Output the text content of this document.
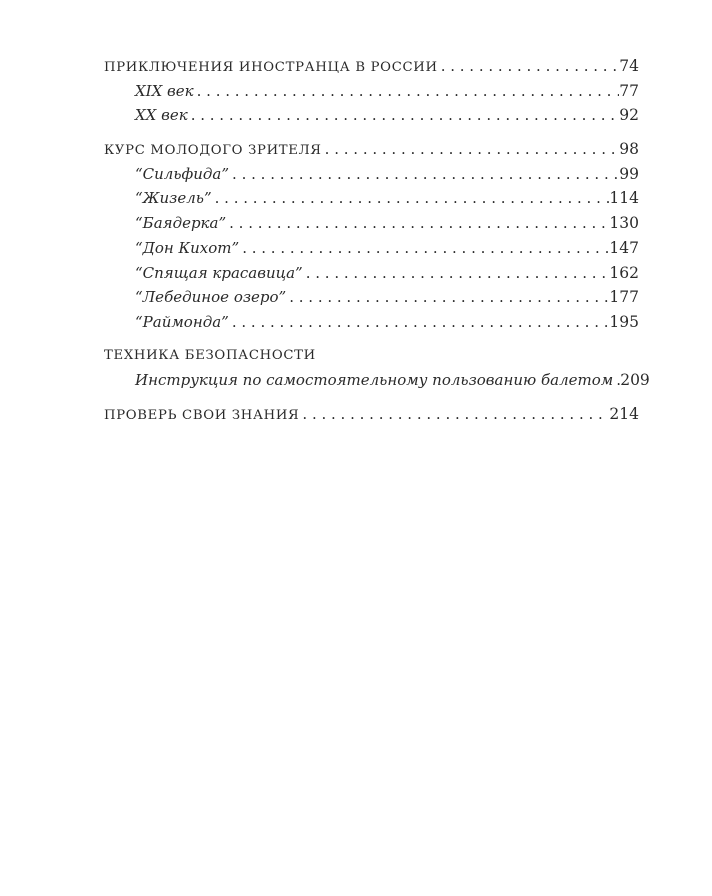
ПРИКЛЮЧЕНИЯ ИНОСТРАНЦА В РОССИИ . . .	74
XIX век . . .	77
XX век . . .	92
КУРС МОЛОДОГО ЗРИТЕЛЯ . . .	98
“Сильфида” . . .	99
“Жизель” . . .	114
“Баядерка” . . .	130
“Дон Кихот” . . .	147
“Спящая красавица” . . .	162
“Лебединое озеро” . . .	177
“Раймонда” . . .	195
ТЕХНИКА БЕЗОПАСНОСТИ
Инструкция по самостоятельному пользованию балетом . . . 209
ПРОВЕРЬ СВОИ ЗНАНИЯ . . .	214
